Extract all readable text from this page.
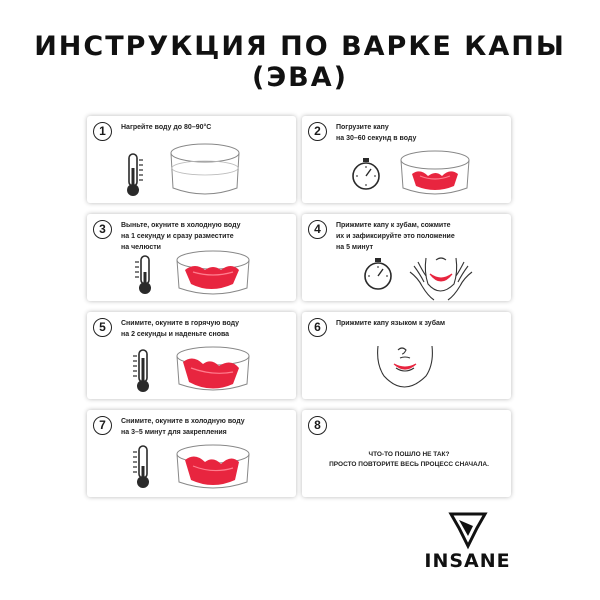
ИНСТРУКЦИЯ ПО ВАРКЕ КАПЫ
(ЭВА)
1	Нагрейте воду до 80–90°C	2	Погрузите капу
на 30–60 секунд в воду
3	Выньте, окуните в холодную воду
на 1 секунду и сразу разместите
на челюсти
4	Прижмите капу к зубам, сожмите
их и зафиксируйте это положение
на 5 минут
5	Снимите, окуните в горячую воду
на 2 секунды и наденьте снова
6	Прижмите капу языком к зубам
7	Снимите, окуните в холодную воду
на 3–5 минут для закрепления
8
ЧТО-ТО ПОШЛО НЕ ТАК?
ПРОСТО ПОВТОРИТЕ ВЕСЬ ПРОЦЕСС СНАЧАЛА.
INSANE
